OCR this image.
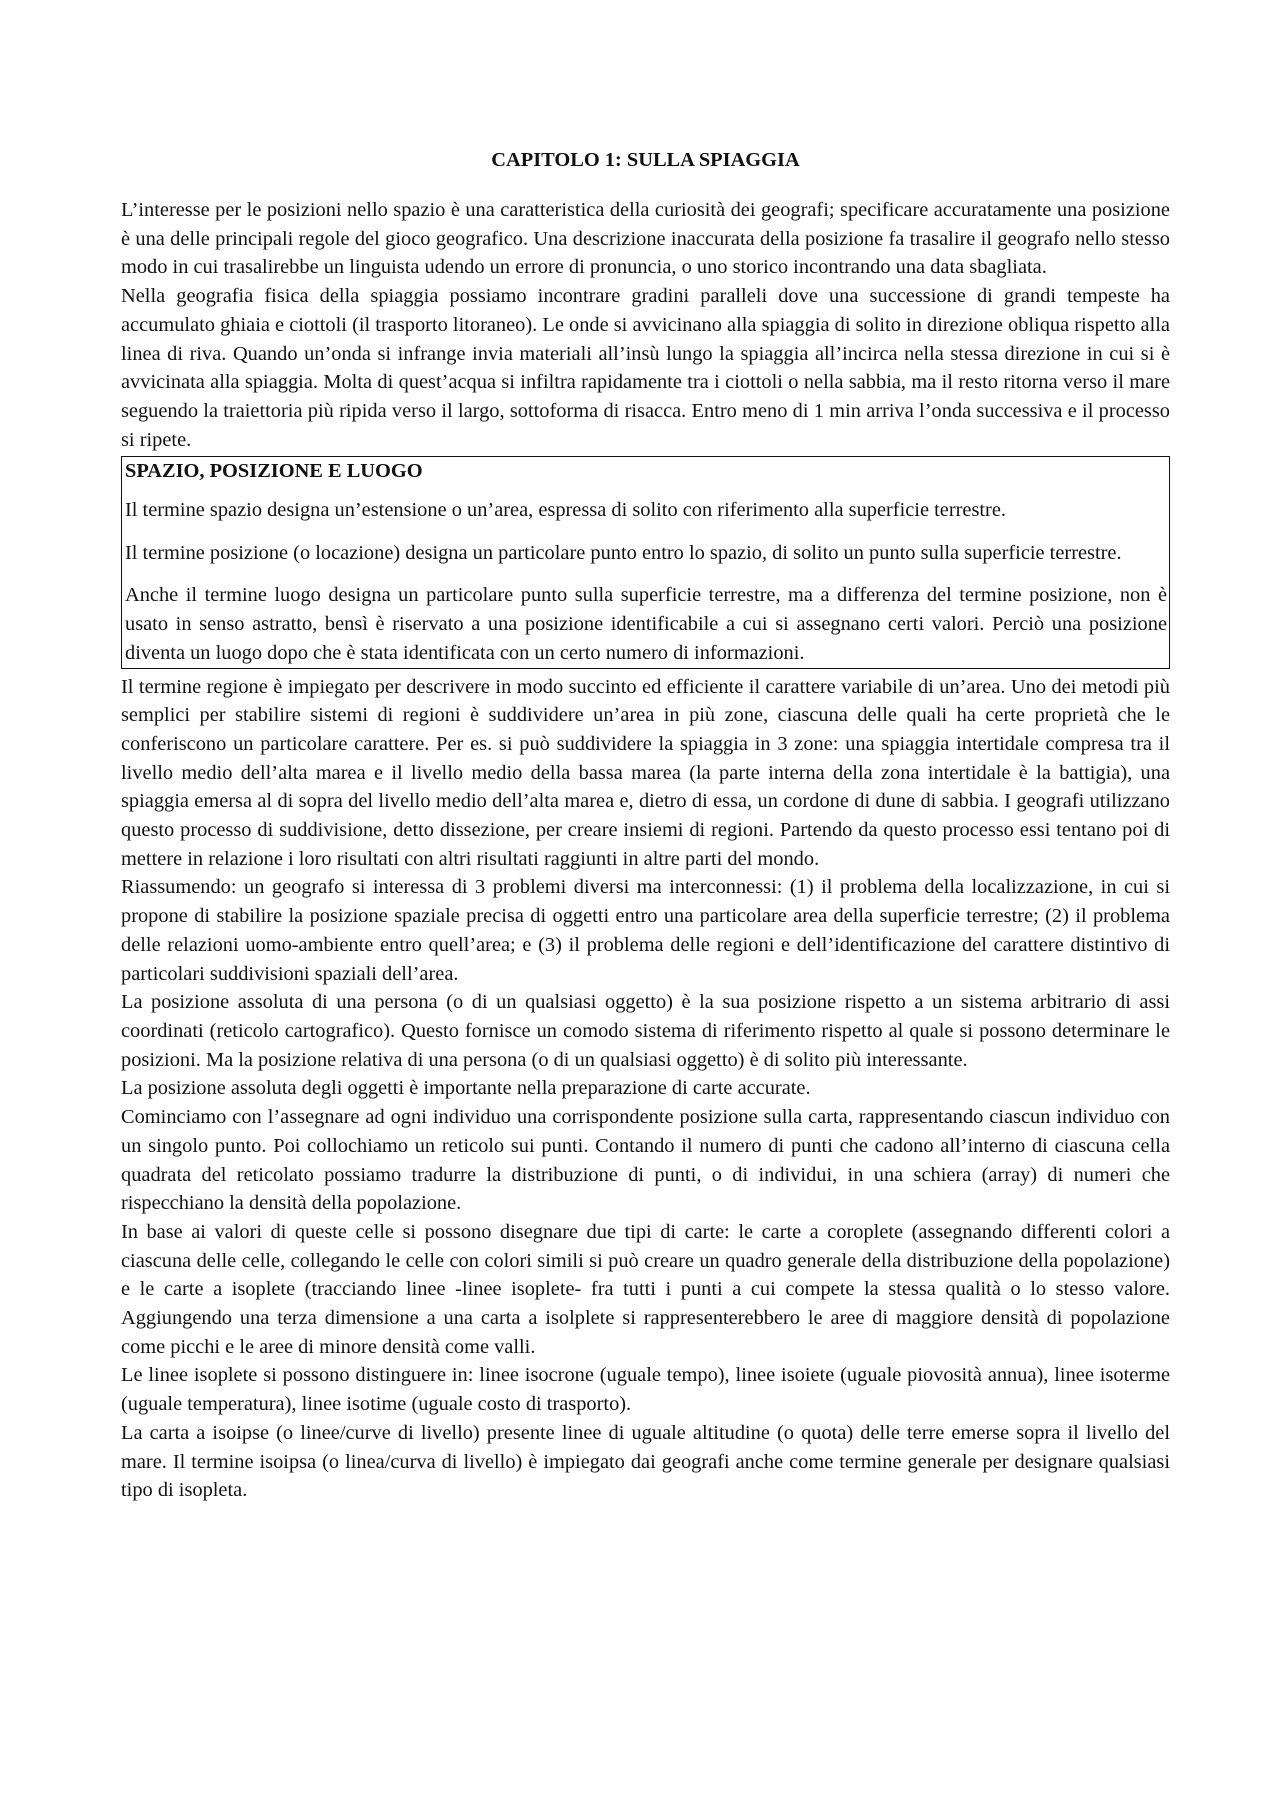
CAPITOLO 1: SULLA SPIAGGIA

L’interesse per le posizioni nello spazio è una caratteristica della curiosità dei geografi; specificare accuratamente una posizione è una delle principali regole del gioco geografico. Una descrizione inaccurata della posizione fa trasalire il geografo nello stesso modo in cui trasalirebbe un linguista udendo un errore di pronuncia, o uno storico incontrando una data sbagliata.

Nella geografia fisica della spiaggia possiamo incontrare gradini paralleli dove una successione di grandi tempeste ha accumulato ghiaia e ciottoli (il trasporto litoraneo). Le onde si avvicinano alla spiaggia di solito in direzione obliqua rispetto alla linea di riva. Quando un’onda si infrange invia materiali all’insù lungo la spiaggia all’incirca nella stessa direzione in cui si è avvicinata alla spiaggia. Molta di quest’acqua si infiltra rapidamente tra i ciottoli o nella sabbia, ma il resto ritorna verso il mare seguendo la traiettoria più ripida verso il largo, sottoforma di risacca. Entro meno di 1 min arriva l’onda successiva e il processo si ripete.

SPAZIO, POSIZIONE E LUOGO

Il termine spazio designa un’estensione o un’area, espressa di solito con riferimento alla superficie terrestre.

Il termine posizione (o locazione) designa un particolare punto entro lo spazio, di solito un punto sulla superficie terrestre.

Anche il termine luogo designa un particolare punto sulla superficie terrestre, ma a differenza del termine posizione, non è usato in senso astratto, bensì è riservato a una posizione identificabile a cui si assegnano certi valori. Perciò una posizione diventa un luogo dopo che è stata identificata con un certo numero di informazioni.

Il termine regione è impiegato per descrivere in modo succinto ed efficiente il carattere variabile di un’area. Uno dei metodi più semplici per stabilire sistemi di regioni è suddividere un’area in più zone, ciascuna delle quali ha certe proprietà che le conferiscono un particolare carattere. Per es. si può suddividere la spiaggia in 3 zone: una spiaggia intertidale compresa tra il livello medio dell’alta marea e il livello medio della bassa marea (la parte interna della zona intertidale è la battigia), una spiaggia emersa al di sopra del livello medio dell’alta marea e, dietro di essa, un cordone di dune di sabbia. I geografi utilizzano questo processo di suddivisione, detto dissezione, per creare insiemi di regioni. Partendo da questo processo essi tentano poi di mettere in relazione i loro risultati con altri risultati raggiunti in altre parti del mondo.

Riassumendo: un geografo si interessa di 3 problemi diversi ma interconnessi: (1) il problema della localizzazione, in cui si propone di stabilire la posizione spaziale precisa di oggetti entro una particolare area della superficie terrestre; (2) il problema delle relazioni uomo-ambiente entro quell’area; e (3) il problema delle regioni e dell’identificazione del carattere distintivo di particolari suddivisioni spaziali dell’area.

La posizione assoluta di una persona (o di un qualsiasi oggetto) è la sua posizione rispetto a un sistema arbitrario di assi coordinati (reticolo cartografico). Questo fornisce un comodo sistema di riferimento rispetto al quale si possono determinare le posizioni. Ma la posizione relativa di una persona (o di un qualsiasi oggetto) è di solito più interessante.

La posizione assoluta degli oggetti è importante nella preparazione di carte accurate.

Cominciamo con l’assegnare ad ogni individuo una corrispondente posizione sulla carta, rappresentando ciascun individuo con un singolo punto. Poi collochiamo un reticolo sui punti. Contando il numero di punti che cadono all’interno di ciascuna cella quadrata del reticolato possiamo tradurre la distribuzione di punti, o di individui, in una schiera (array) di numeri che rispecchiano la densità della popolazione.

In base ai valori di queste celle si possono disegnare due tipi di carte: le carte a coroplete (assegnando differenti colori a ciascuna delle celle, collegando le celle con colori simili si può creare un quadro generale della distribuzione della popolazione) e le carte a isoplete (tracciando linee -linee isoplete- fra tutti i punti a cui compete la stessa qualità o lo stesso valore. Aggiungendo una terza dimensione a una carta a isolplete si rappresenterebbero le aree di maggiore densità di popolazione come picchi e le aree di minore densità come valli.

Le linee isoplete si possono distinguere in: linee isocrone (uguale tempo), linee isoiete (uguale piovosità annua), linee isoterme (uguale temperatura), linee isotime (uguale costo di trasporto).

La carta a isoipse (o linee/curve di livello) presente linee di uguale altitudine (o quota) delle terre emerse sopra il livello del mare. Il termine isoipsa (o linea/curva di livello) è impiegato dai geografi anche come termine generale per designare qualsiasi tipo di isopleta.
